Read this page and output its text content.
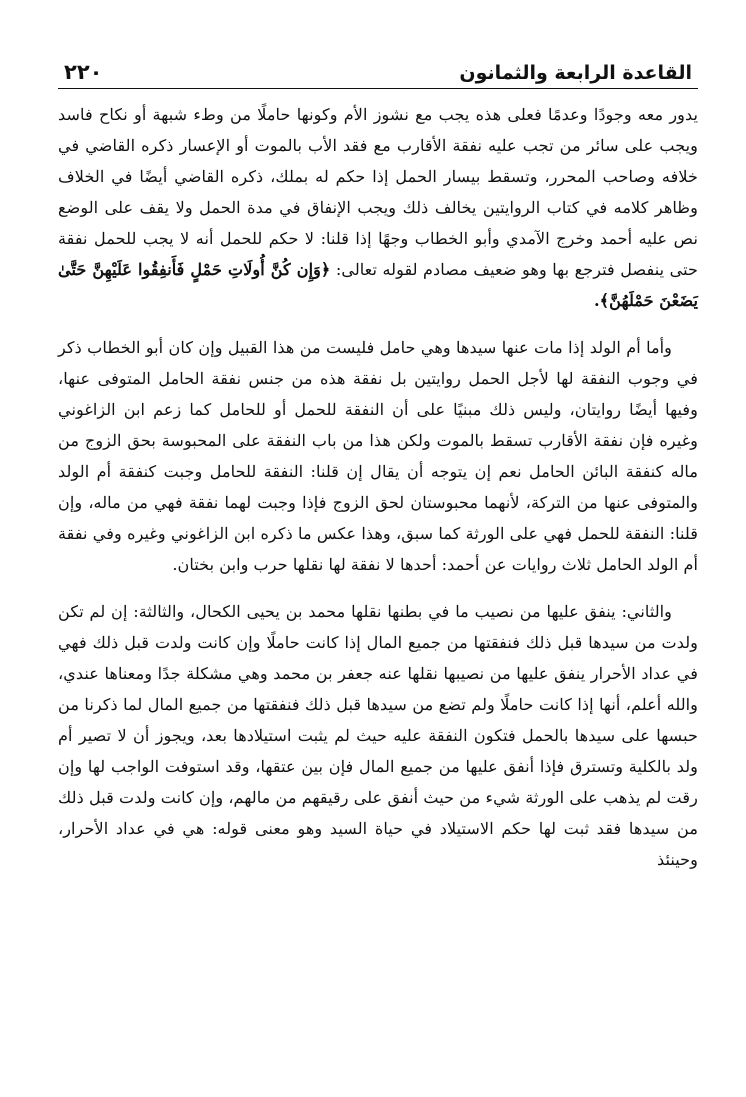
القاعدة الرابعة والثمانون
٢٢٠

يدور معه وجودًا وعدمًا فعلى هذه يجب مع نشوز الأم وكونها حاملًا من وطء شبهة أو نكاح فاسد ويجب على سائر من تجب عليه نفقة الأقارب مع فقد الأب بالموت أو الإعسار ذكره القاضي في خلافه وصاحب المحرر، وتسقط بيسار الحمل إذا حكم له بملك، ذكره القاضي أيضًا في الخلاف وظاهر كلامه في كتاب الروايتين يخالف ذلك ويجب الإنفاق في مدة الحمل ولا يقف على الوضع نص عليه أحمد وخرج الآمدي وأبو الخطاب وجهًا إذا قلنا: لا حكم للحمل أنه لا يجب للحمل نفقة حتى ينفصل فترجع بها وهو ضعيف مصادم لقوله تعالى: ﴿وَإِن كُنَّ أُولَاتِ حَمْلٍ فَأَنفِقُوا عَلَيْهِنَّ حَتَّىٰ يَضَعْنَ حَمْلَهُنَّ﴾.

وأما أم الولد إذا مات عنها سيدها وهي حامل فليست من هذا القبيل وإن كان أبو الخطاب ذكر في وجوب النفقة لها لأجل الحمل روايتين بل نفقة هذه من جنس نفقة الحامل المتوفى عنها، وفيها أيضًا روايتان، وليس ذلك مبنيًا على أن النفقة للحمل أو للحامل كما زعم ابن الزاغوني وغيره فإن نفقة الأقارب تسقط بالموت ولكن هذا من باب النفقة على المحبوسة بحق الزوج من ماله كنفقة البائن الحامل نعم إن يتوجه أن يقال إن قلنا: النفقة للحامل وجبت كنفقة أم الولد والمتوفى عنها من التركة، لأنهما محبوستان لحق الزوج فإذا وجبت لهما نفقة فهي من ماله، وإن قلنا: النفقة للحمل فهي على الورثة كما سبق، وهذا عكس ما ذكره ابن الزاغوني وغيره وفي نفقة أم الولد الحامل ثلاث روايات عن أحمد: أحدها لا نفقة لها نقلها حرب وابن بختان.

والثاني: ينفق عليها من نصيب ما في بطنها نقلها محمد بن يحيى الكحال، والثالثة: إن لم تكن ولدت من سيدها قبل ذلك فنفقتها من جميع المال إذا كانت حاملًا وإن كانت ولدت قبل ذلك فهي في عداد الأحرار ينفق عليها من نصيبها نقلها عنه جعفر بن محمد وهي مشكلة جدًا ومعناها عندي، والله أعلم، أنها إذا كانت حاملًا ولم تضع من سيدها قبل ذلك فنفقتها من جميع المال لما ذكرنا من حبسها على سيدها بالحمل فتكون النفقة عليه حيث لم يثبت استيلادها بعد، ويجوز أن لا تصير أم ولد بالكلية وتسترق فإذا أنفق عليها من جميع المال فإن بين عتقها، وقد استوفت الواجب لها وإن رقت لم يذهب على الورثة شيء من حيث أنفق على رقيقهم من مالهم، وإن كانت ولدت قبل ذلك من سيدها فقد ثبت لها حكم الاستيلاد في حياة السيد وهو معنى قوله: هي في عداد الأحرار، وحينئذ
